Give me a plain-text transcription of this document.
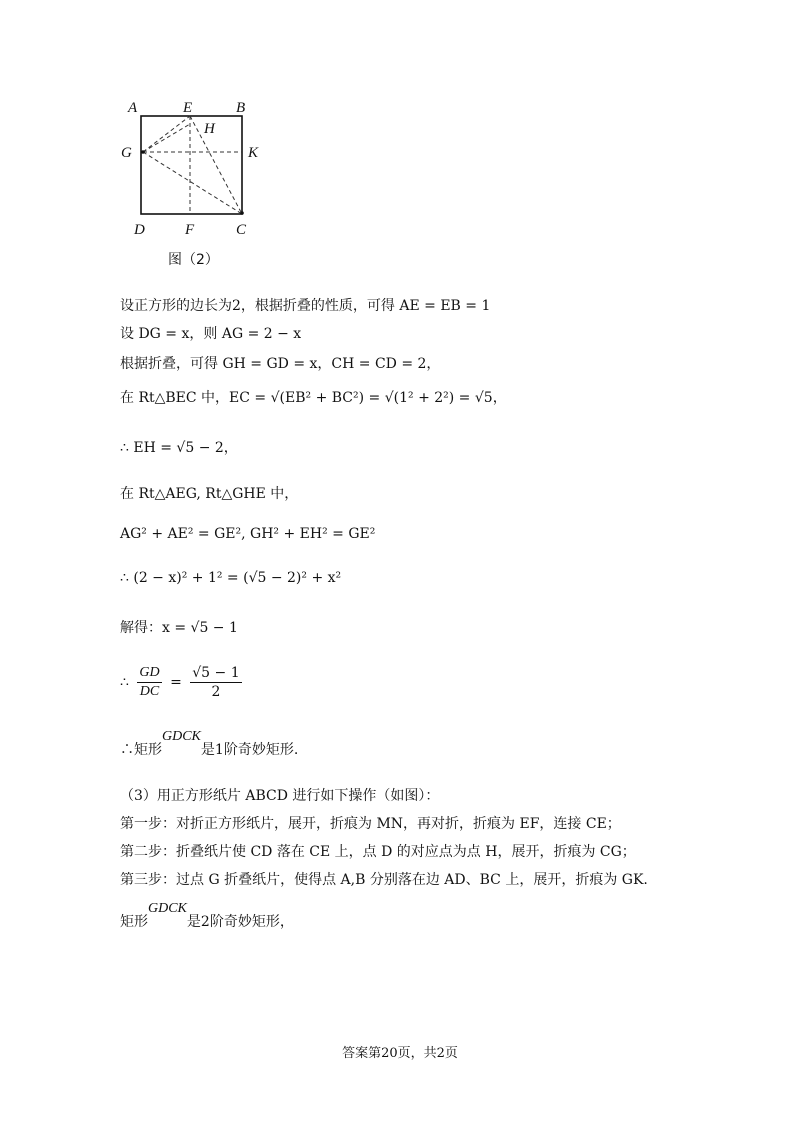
A	E	B
H
G	K
D	F	C
图（2）
设正方形的边长为2，根据折叠的性质，可得 AE = EB = 1
设 DG = x，则 AG = 2 − x
根据折叠，可得 GH = GD = x，CH = CD = 2，
在 Rt△BEC 中，EC = √(EB² + BC²) = √(1² + 2²) = √5，
∴ EH = √5 − 2，
在 Rt△AEG, Rt△GHE 中，
AG² + AE² = GE², GH² + EH² = GE²
∴ (2 − x)² + 1² = (√5 − 2)² + x²
解得：x = √5 − 1
∴ $\frac{GD}{DC} = \frac{√5 - 1}{2}$
∴矩形GDCK是1阶奇妙矩形.
（3）用正方形纸片 ABCD 进行如下操作（如图）：
第一步：对折正方形纸片，展开，折痕为 MN，再对折，折痕为 EF，连接 CE；
第二步：折叠纸片使 CD 落在 CE 上，点 D 的对应点为点 H，展开，折痕为 CG；
第三步：过点 G 折叠纸片，使得点 A,B 分别落在边 AD、BC 上，展开，折痕为 GK.
矩形GDCK是2阶奇妙矩形，
答案第20页，共2页
